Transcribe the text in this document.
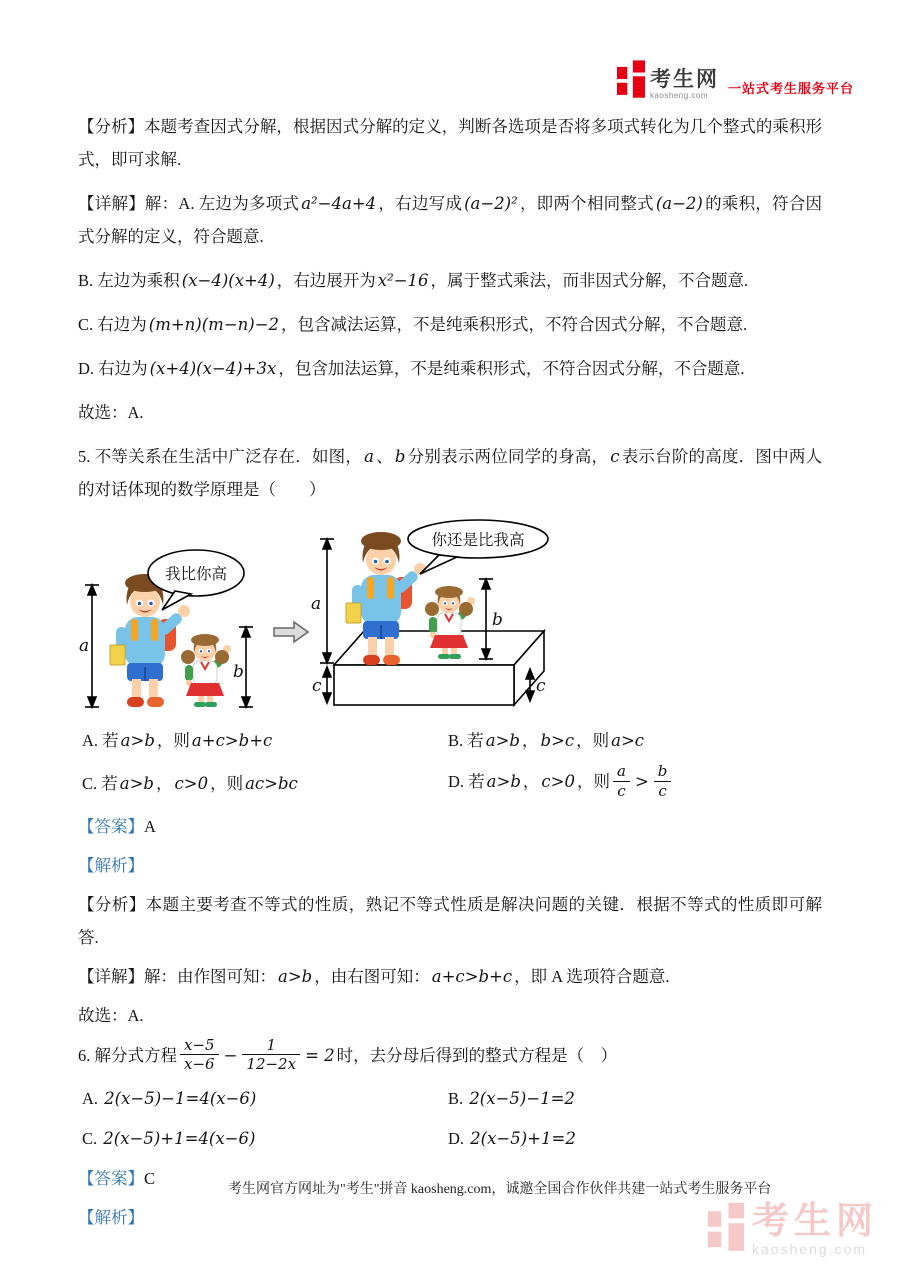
考生网
kaosheng.com	一站式考生服务平台

【分析】本题考查因式分解，根据因式分解的定义，判断各选项是否将多项式转化为几个整式的乘积形式，即可求解.

【详解】解：A. 左边为多项式 a²−4a+4 ，右边写成 (a−2)² ，即两个相同整式 (a−2) 的乘积，符合因式分解的定义，符合题意.

B. 左边为乘积 (x−4)(x+4) ，右边展开为 x²−16 ，属于整式乘法，而非因式分解，不合题意.

C. 右边为 (m+n)(m−n)−2 ，包含减法运算，不是纯乘积形式，不符合因式分解，不合题意.

D. 右边为 (x+4)(x−4)+3x ，包含加法运算，不是纯乘积形式，不符合因式分解，不合题意.

故选：A.

5. 不等关系在生活中广泛存在．如图， a 、 b 分别表示两位同学的身高， c 表示台阶的高度．图中两人的对话体现的数学原理是（　　）

a
我比你高
b
a
c
b
c
你还是比我高
A. 若 a>b ，则 a+c>b+c	B. 若 a>b ， b>c ，则 a>c
C. 若 a>b ， c>0 ，则 ac>bc	D. 若 a>b ， c>0 ，则 $\frac{a}{c} > \frac{b}{c}$

【答案】A

【解析】

【分析】本题主要考查不等式的性质，熟记不等式性质是解决问题的关键．根据不等式的性质即可解答.

【详解】解：由作图可知： a>b ，由右图可知： a+c>b+c ，即 A 选项符合题意.

故选：A.

6. 解分式方程 $\frac{x-5}{x-6} - \frac{1}{12-2x} = 2$ 时，去分母后得到的整式方程是（　）

A. 2(x−5)−1=4(x−6)	B. 2(x−5)−1=2
C. 2(x−5)+1=4(x−6)	D. 2(x−5)+1=2

【答案】C

【解析】

考生网官方网址为"考生"拼音 kaosheng.com，诚邀全国合作伙伴共建一站式考生服务平台
考生网
kaosheng.com
